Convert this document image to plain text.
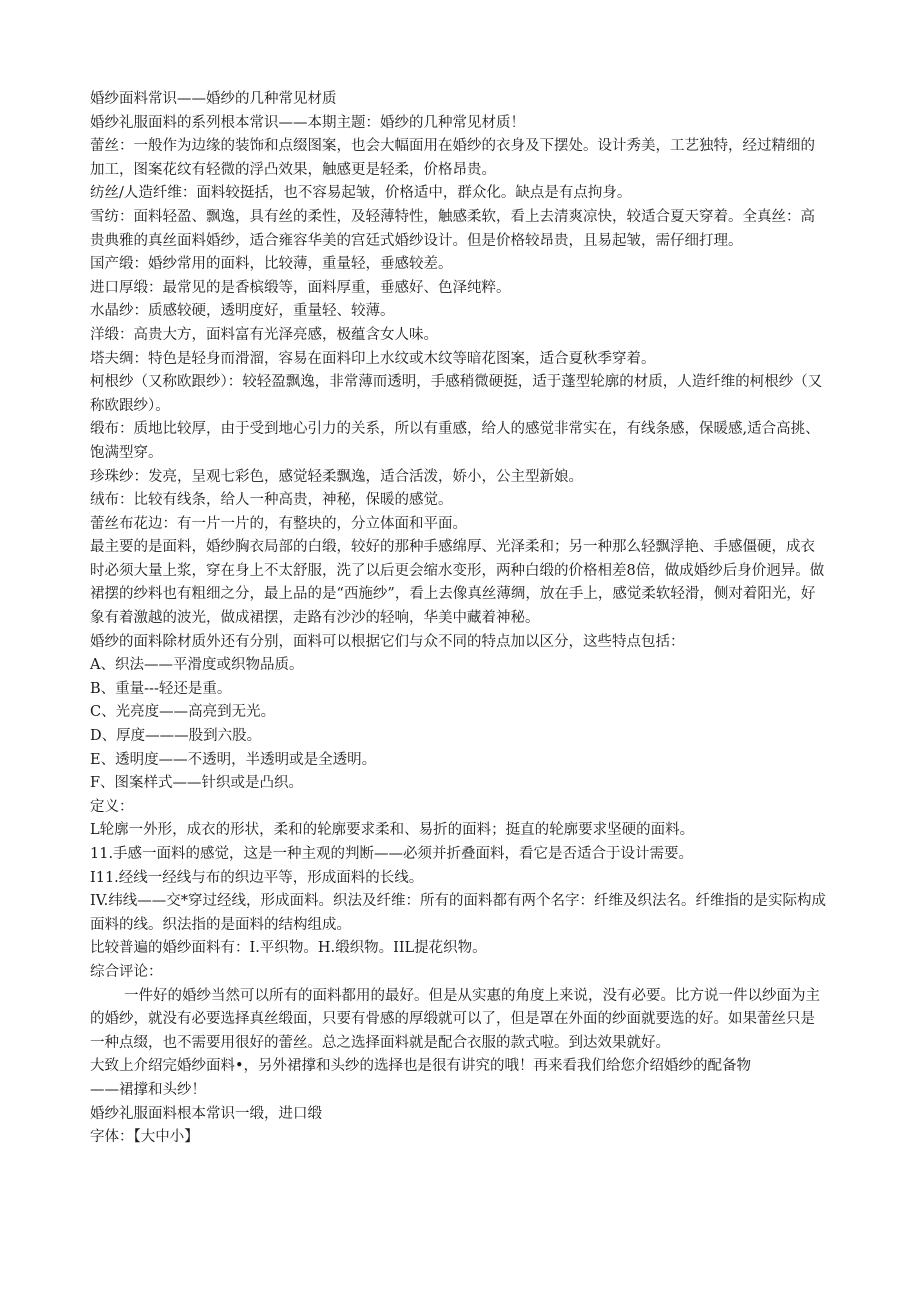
婚纱面料常识——婚纱的几种常见材质

婚纱礼服面料的系列根本常识——本期主题：婚纱的几种常见材质！

蕾丝：一般作为边缘的装饰和点缀图案，也会大幅面用在婚纱的衣身及下摆处。设计秀美，工艺独特，经过精细的加工，图案花纹有轻微的浮凸效果，触感更是轻柔，价格昂贵。

纺丝/人造纤维：面料较挺括，也不容易起皱，价格适中，群众化。缺点是有点拘身。

雪纺：面料轻盈、飘逸，具有丝的柔性，及轻薄特性，触感柔软，看上去清爽凉快，较适合夏天穿着。全真丝：高贵典雅的真丝面料婚纱，适合雍容华美的宫廷式婚纱设计。但是价格较昂贵，且易起皱，需仔细打理。

国产缎：婚纱常用的面料，比较薄，重量轻，垂感较差。

进口厚缎：最常见的是香槟缎等，面料厚重，垂感好、色泽纯粹。

水晶纱：质感较硬，透明度好，重量轻、较薄。

洋缎：高贵大方，面料富有光泽亮感，极蕴含女人味。

塔夫绸：特色是轻身而滑溜，容易在面料印上水纹或木纹等暗花图案，适合夏秋季穿着。

柯根纱（又称欧跟纱）：较轻盈飘逸，非常薄而透明，手感稍微硬挺，适于蓬型轮廓的材质，人造纤维的柯根纱（又称欧跟纱）。

缎布：质地比较厚，由于受到地心引力的关系，所以有重感，给人的感觉非常实在，有线条感，保暖感,适合高挑、饱满型穿。

珍珠纱：发亮，呈观七彩色，感觉轻柔飘逸，适合活泼，娇小，公主型新娘。

绒布：比较有线条，给人一种高贵，神秘，保暖的感觉。

蕾丝布花边：有一片一片的，有整块的，分立体面和平面。

最主要的是面料，婚纱胸衣局部的白缎，较好的那种手感绵厚、光泽柔和；另一种那么轻飘浮艳、手感僵硬，成衣时必须大量上浆，穿在身上不太舒服，洗了以后更会缩水变形，两种白缎的价格相差8倍，做成婚纱后身价迥异。做裙摆的纱料也有粗细之分，最上品的是“西施纱”，看上去像真丝薄绸，放在手上，感觉柔软轻滑，侧对着阳光，好象有着激越的波光，做成裙摆，走路有沙沙的轻响，华美中藏着神秘。

婚纱的面料除材质外还有分别，面料可以根据它们与众不同的特点加以区分，这些特点包括：

A、织法——平滑度或织物品质。

B、重量---轻还是重。

C、光亮度——高亮到无光。

D、厚度———股到六股。

E、透明度——不透明，半透明或是全透明。

F、图案样式——针织或是凸织。

定义：

L轮廓一外形，成衣的形状，柔和的轮廓要求柔和、易折的面料；挺直的轮廓要求坚硬的面料。

11.手感一面料的感觉，这是一种主观的判断——必须并折叠面料，看它是否适合于设计需要。

I11.经线一经线与布的织边平等，形成面料的长线。

IV.纬线——交*穿过经线，形成面料。织法及纤维：所有的面料都有两个名字：纤维及织法名。纤维指的是实际构成面料的线。织法指的是面料的结构组成。

比较普遍的婚纱面料有：I.平织物。H.缎织物。IIL提花织物。

综合评论：

一件好的婚纱当然可以所有的面料都用的最好。但是从实惠的角度上来说，没有必要。比方说一件以纱面为主的婚纱，就没有必要选择真丝缎面，只要有骨感的厚缎就可以了，但是罩在外面的纱面就要选的好。如果蕾丝只是一种点缀，也不需要用很好的蕾丝。总之选择面料就是配合衣服的款式啦。到达效果就好。

大致上介绍完婚纱面料•，另外裙撑和头纱的选择也是很有讲究的哦！再来看我们给您介绍婚纱的配备物

——裙撑和头纱！

婚纱礼服面料根本常识一缎，进口缎

字体：【大中小】
